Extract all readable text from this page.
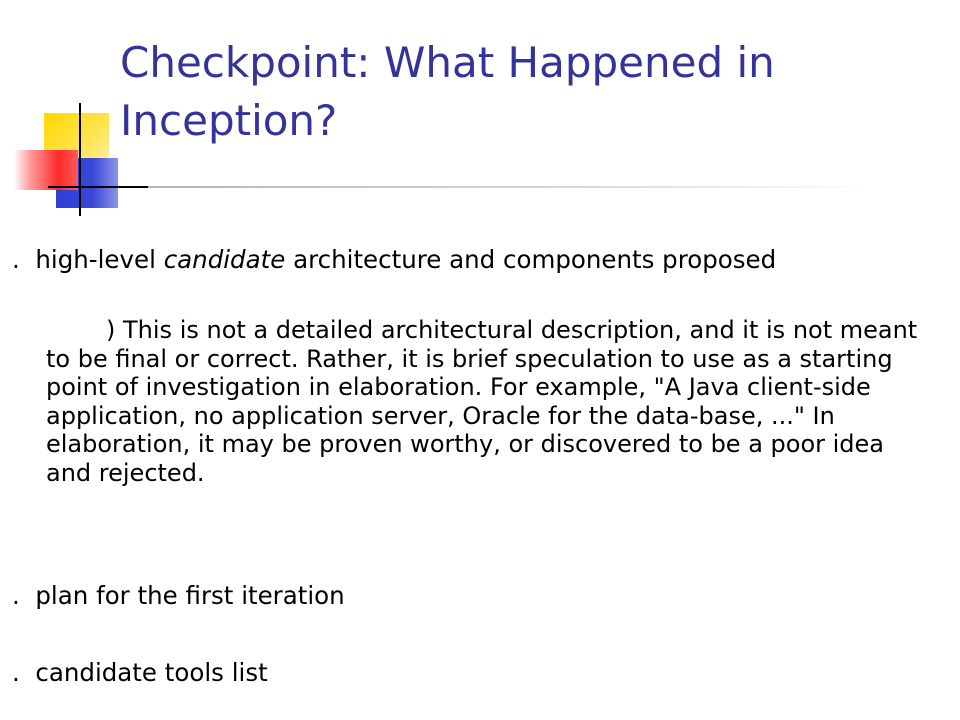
Checkpoint: What Happened in Inception?

. high-level candidate architecture and components proposed

) This is not a detailed architectural description, and it is not meant to be final or correct. Rather, it is brief speculation to use as a starting point of investigation in elaboration. For example, "A Java client-side application, no application server, Oracle for the data-base, ..." In elaboration, it may be proven worthy, or discovered to be a poor idea and rejected.

. plan for the first iteration

. candidate tools list
